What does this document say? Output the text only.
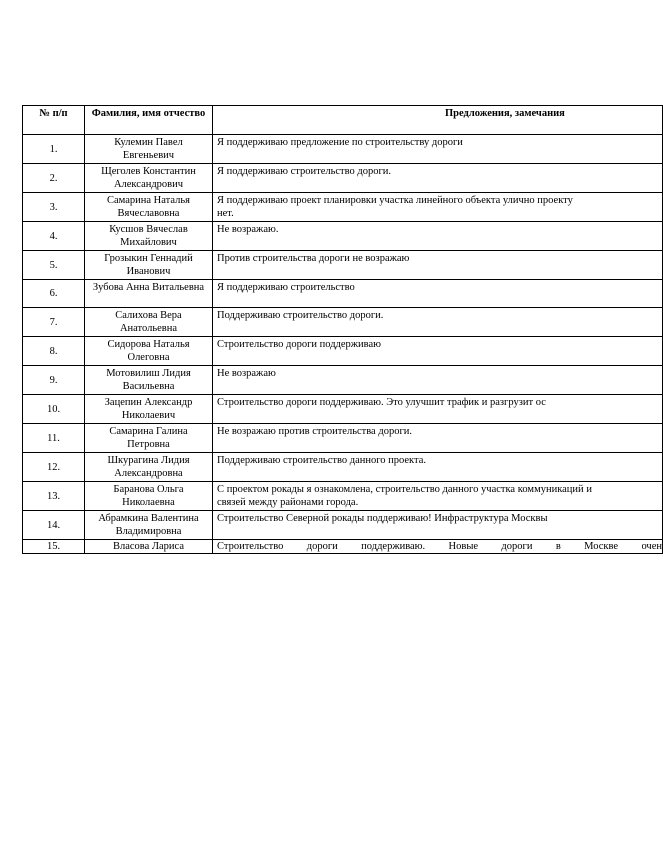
№ п/п	Фамилия, имя отчество	Предложения, замечания
1.	Кулемин Павел Евгеньевич	Я поддерживаю предложение по строительству дороги
2.	Щеголев Константин Александрович	Я поддерживаю строительство дороги.
3.	Самарина Наталья Вячеславовна	Я поддерживаю проект планировки участка линейного объекта улично проекту нет.
4.	Кусшов Вячеслав Михайлович	Не возражаю.
5.	Грозыкин Геннадий Иванович	Против строительства дороги не возражаю
6.	Зубова Анна Витальевна	Я поддерживаю строительство
7.	Салихова Вера Анатольевна	Поддерживаю строительство дороги.
8.	Сидорова Наталья Олеговна	Строительство дороги поддерживаю
9.	Мотовилиш Лидия Васильевна	Не возражаю
10.	Зацепин Александр Николаевич	Строительство дороги поддерживаю. Это улучшит трафик и разгрузит ос
11.	Самарина Галина Петровна	Не возражаю против строительства дороги.
12.	Шкурагина Лидия Александровна	Поддерживаю строительство данного проекта.
13.	Баранова Ольга Николаевна	С проектом рокады я ознакомлена, строительство данного участка коммуникаций и связей между районами города.
14.	Абрамкина Валентина Владимировна	Строительство Северной рокады поддерживаю! Инфраструктура Москвы
15.	Власова Лариса	Строительство дороги поддерживаю. Новые дороги в Москве очен
